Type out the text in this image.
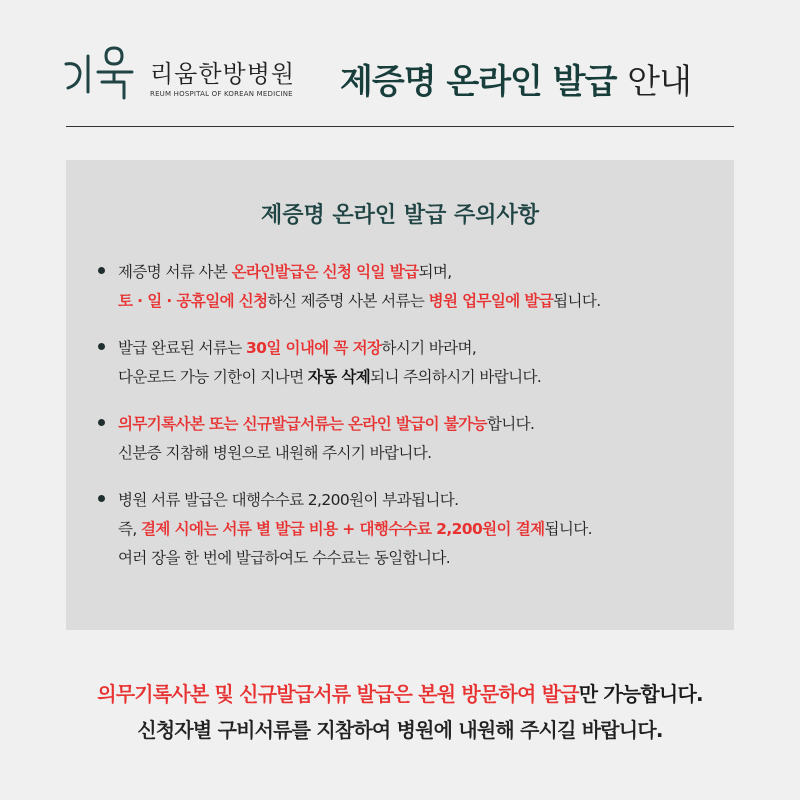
리움한방병원
REUM HOSPITAL OF KOREAN MEDICINE 제증명 온라인 발급 안내
제증명 온라인 발급 주의사항
제증명 서류 사본 온라인발급은 신청 익일 발급되며,
토 · 일 · 공휴일에 신청하신 제증명 사본 서류는 병원 업무일에 발급됩니다.
발급 완료된 서류는 30일 이내에 꼭 저장하시기 바라며,
다운로드 가능 기한이 지나면 자동 삭제되니 주의하시기 바랍니다.
의무기록사본 또는 신규발급서류는 온라인 발급이 불가능합니다.
신분증 지참해 병원으로 내원해 주시기 바랍니다.
병원 서류 발급은 대행수수료 2,200원이 부과됩니다.
즉, 결제 시에는 서류 별 발급 비용 + 대행수수료 2,200원이 결제됩니다.
여러 장을 한 번에 발급하여도 수수료는 동일합니다.
의무기록사본 및 신규발급서류 발급은 본원 방문하여 발급만 가능합니다.
신청자별 구비서류를 지참하여 병원에 내원해 주시길 바랍니다.
